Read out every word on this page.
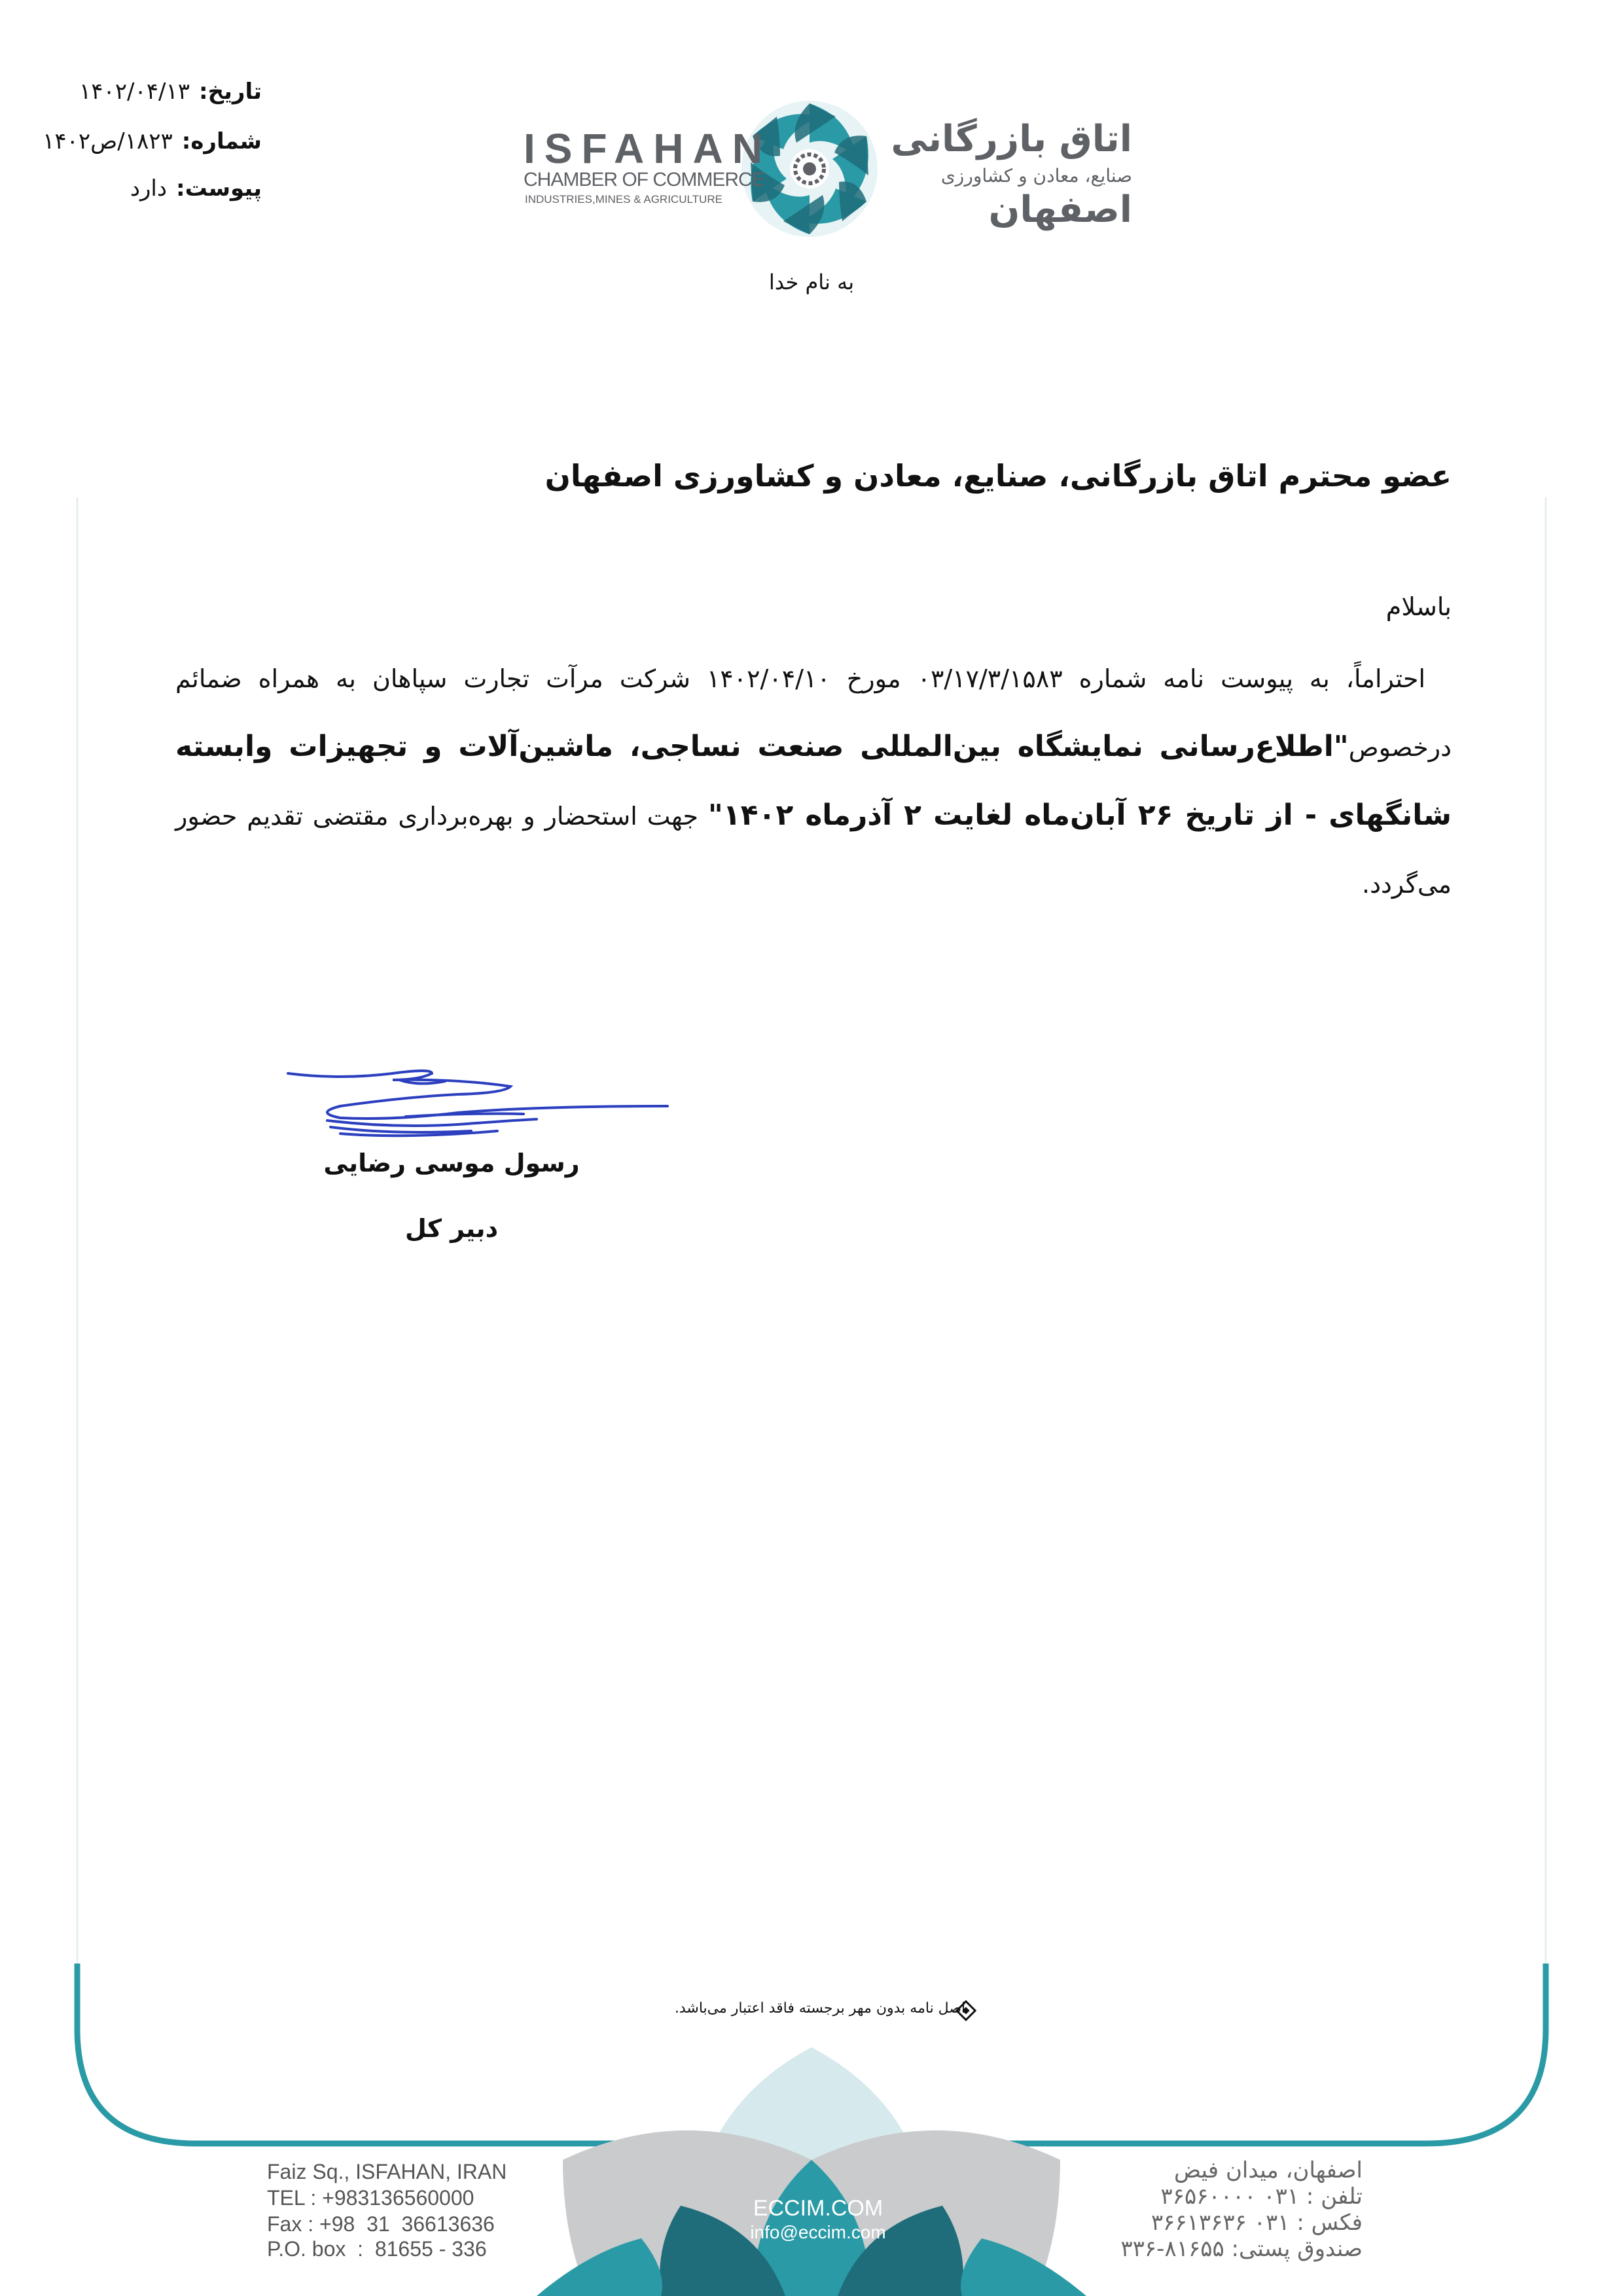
تاریخ:۱۴۰۲/۰۴/۱۳
شماره:۱۸۲۳/ص۱۴۰۲
پیوست:دارد
ISFAHAN
CHAMBER OF COMMERCE
INDUSTRIES,MINES & AGRICULTURE
اتاق بازرگانی
صنایع، معادن و کشاورزی
اصفهان
به نام خدا
عضو محترم اتاق بازرگانی، صنایع، معادن و کشاورزی اصفهان
باسلام
احتراماً، به پیوست نامه شماره ۰۳/۱۷/۳/۱۵۸۳ مورخ ۱۴۰۲/۰۴/۱۰ شرکت مرآت تجارت سپاهان به همراه ضمائم درخصوص"اطلاع‌رسانی نمایشگاه بین‌المللی صنعت نساجی، ماشین‌آلات و تجهیزات وابسته شانگهای - از تاریخ ۲۶ آبان‌ماه لغایت ۲ آذرماه ۱۴۰۲" جهت استحضار و بهره‌برداری مقتضی تقدیم حضور می‌گردد.
رسول موسی رضایی
دبیر کل
اصل نامه بدون مهر برجسته فاقد اعتبار می‌باشد.
Faiz Sq., ISFAHAN, IRAN
TEL : +983136560000
Fax : +98  31  36613636
P.O. box  :  81655 - 336
ECCIM.COM
info@eccim.com
اصفهان، میدان فیض
تلفن : ۰۳۱ ۳۶۵۶۰۰۰۰
فکس : ۰۳۱ ۳۶۶۱۳۶۳۶
صندوق پستی: ۸۱۶۵۵-۳۳۶
